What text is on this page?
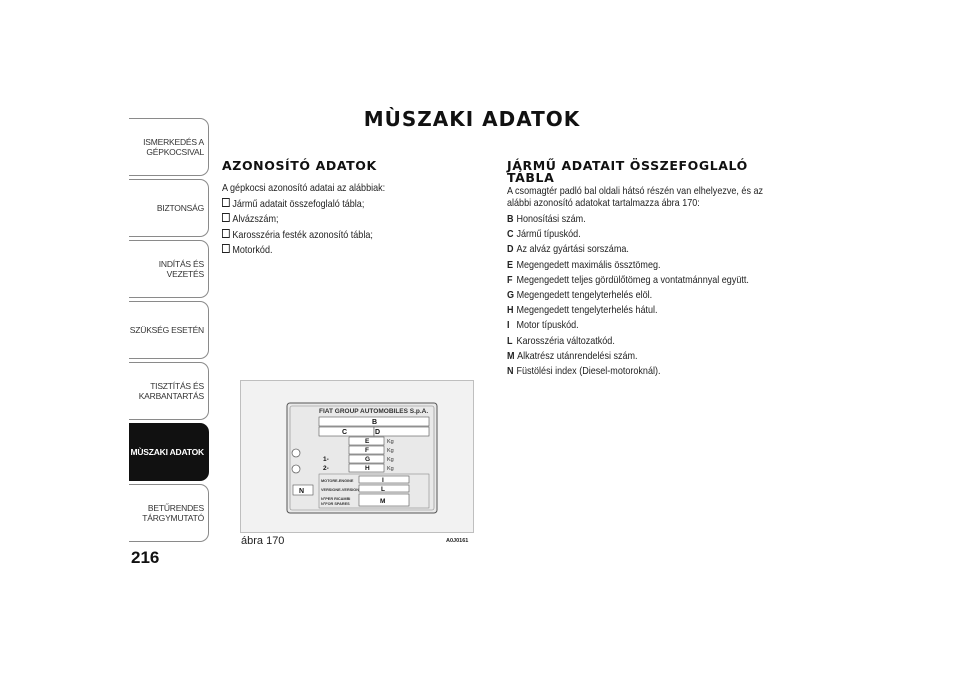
ISMERKEDÉS A GÉPKOCSIVAL
BIZTONSÁG
INDÍTÁS ÉS VEZETÉS
SZÜKSÉG ESETÉN
TISZTÍTÁS ÉS KARBANTARTÁS
MÙSZAKI ADATOK
BETŰRENDES TÁRGYMUTATÓ
216
MÙSZAKI ADATOK
AZONOSÍTÓ ADATOK
A gépkocsi azonosító adatai az alábbiak:
Jármű adatait összefoglaló tábla;
Alvázszám;
Karosszéria festék azonosító tábla;
Motorkód.
JÁRMŰ ADATAIT ÖSSZEFOGLALÓ
TÁBLA
A csomagtér padló bal oldali hátsó részén van elhelyezve, és az
alábbi azonosító adatokat tartalmazza ábra 170:
B Honosítási szám.
C Jármű típuskód.
D Az alváz gyártási sorszáma.
E Megengedett maximális össztömeg.
F Megengedett teljes gördülőtömeg a vontatmánnyal együtt.
G Megengedett tengelyterhelés elöl.
H Megengedett tengelyterhelés hátul.
I Motor típuskód.
L Karosszéria változatkód.
M Alkatrész utánrendelési szám.
N Füstölési index (Diesel-motoroknál).
FIAT GROUP AUTOMOBILES S.p.A.
B
C	D
E
F
G
H
Kg
Kg
Kg
Kg
1-
2-
MOTORE-ENGINE
VERSIONE-VERSION
N°PER RICAMBI
N°FOR SPARES
I
L
M
N
ábra 170	A0J0161
